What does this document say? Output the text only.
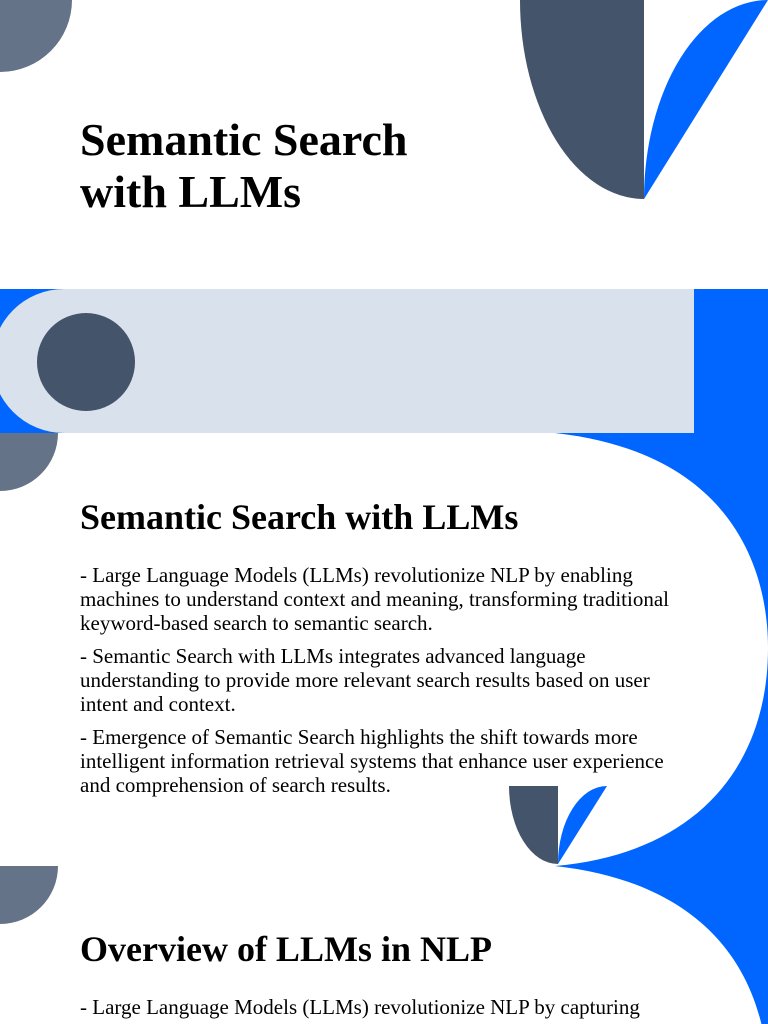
Semantic Search with LLMs
Semantic Search with LLMs
- Large Language Models (LLMs) revolutionize NLP by enabling machines to understand context and meaning, transforming traditional keyword-based search to semantic search.
- Semantic Search with LLMs integrates advanced language understanding to provide more relevant search results based on user intent and context.
- Emergence of Semantic Search highlights the shift towards more intelligent information retrieval systems that enhance user experience and comprehension of search results.
Overview of LLMs in NLP
- Large Language Models (LLMs) revolutionize NLP by capturing
